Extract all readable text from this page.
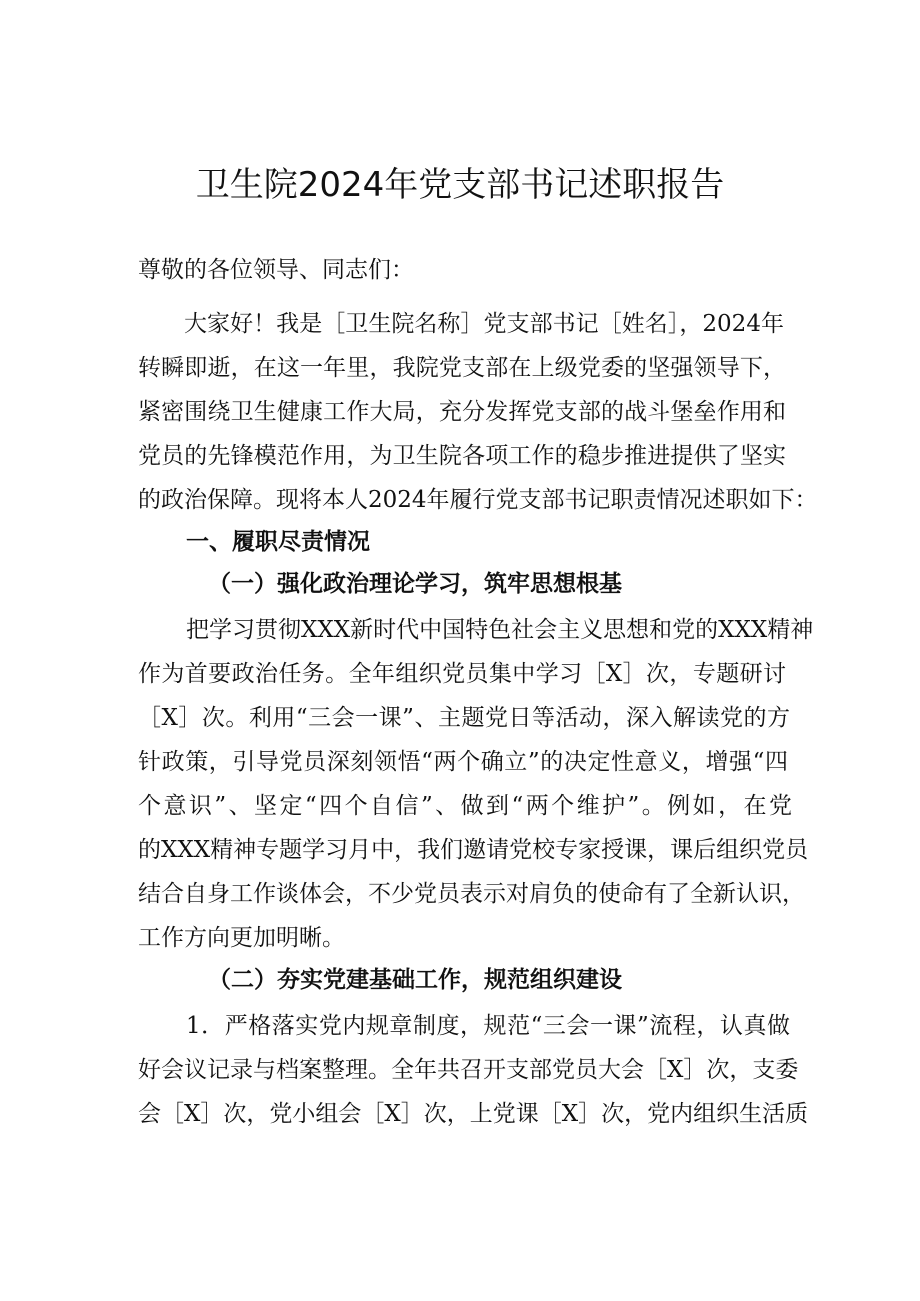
卫生院2024年党支部书记述职报告

尊敬的各位领导、同志们：

大家好！我是［卫生院名称］党支部书记［姓名］，2024年

转瞬即逝，在这一年里，我院党支部在上级党委的坚强领导下，

紧密围绕卫生健康工作大局，充分发挥党支部的战斗堡垒作用和

党员的先锋模范作用，为卫生院各项工作的稳步推进提供了坚实

的政治保障。现将本人2024年履行党支部书记职责情况述职如下：

一、履职尽责情况

（一）强化政治理论学习，筑牢思想根基

把学习贯彻XXX新时代中国特色社会主义思想和党的XXX精神

作为首要政治任务。全年组织党员集中学习［X］次，专题研讨

［X］次。利用“三会一课”、主题党日等活动，深入解读党的方

针政策，引导党员深刻领悟“两个确立”的决定性意义，增强“四

个意识”、坚定“四个自信”、做到“两个维护”。例如，在党

的XXX精神专题学习月中，我们邀请党校专家授课，课后组织党员

结合自身工作谈体会，不少党员表示对肩负的使命有了全新认识，

工作方向更加明晰。

（二）夯实党建基础工作，规范组织建设

1．严格落实党内规章制度，规范“三会一课”流程，认真做

好会议记录与档案整理。全年共召开支部党员大会［X］次，支委

会［X］次，党小组会［X］次，上党课［X］次，党内组织生活质
